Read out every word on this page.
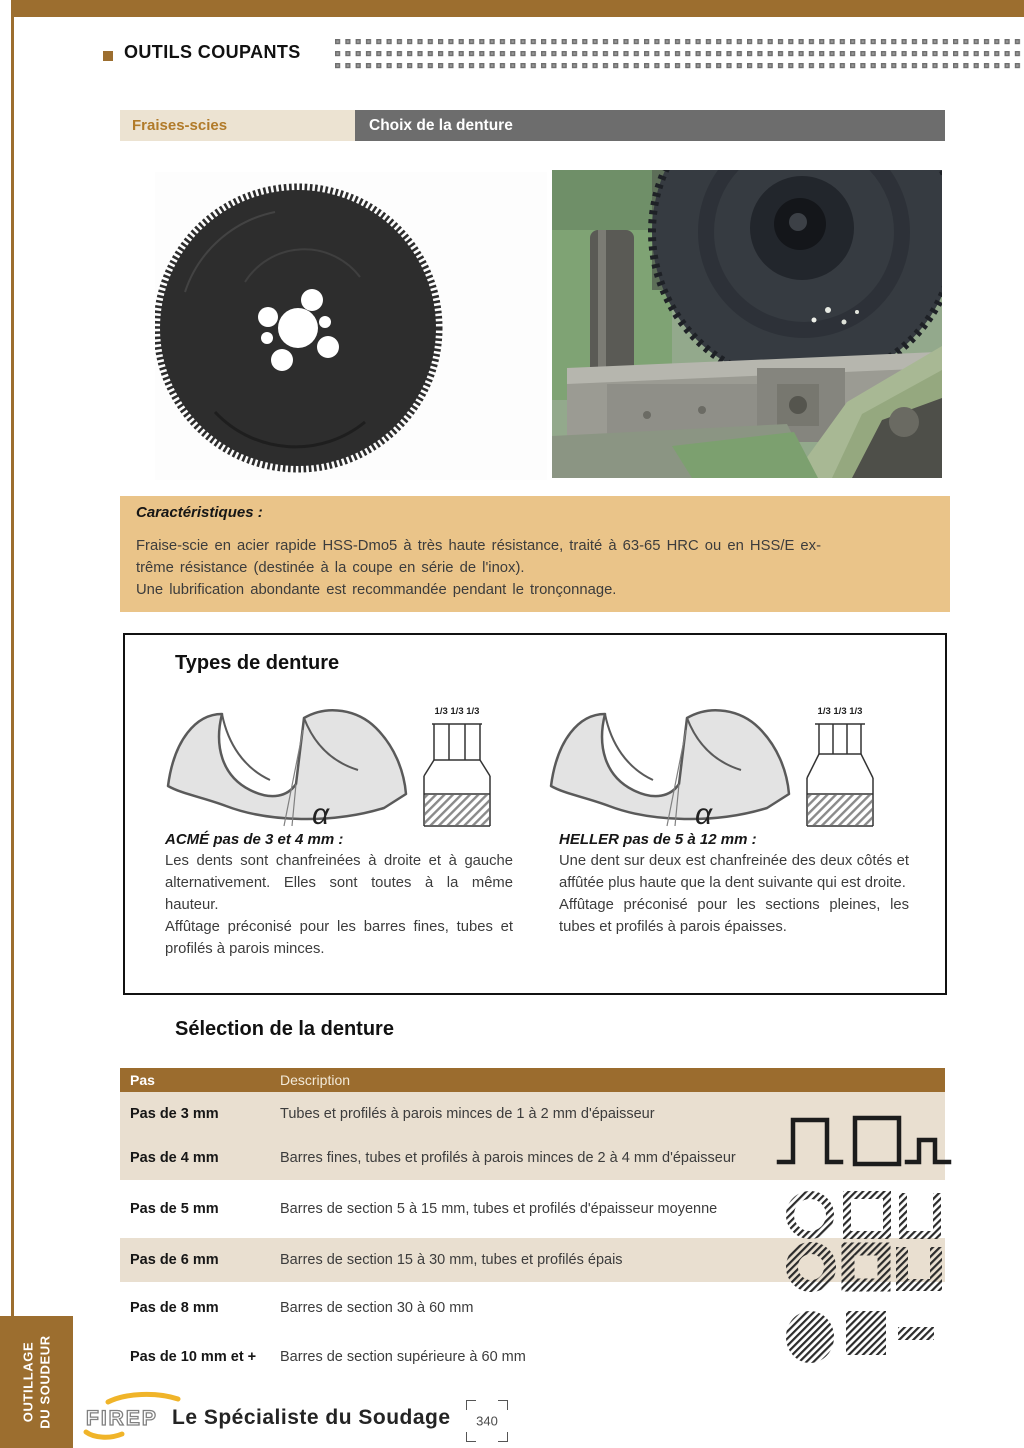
OUTILS COUPANTS
Fraises-scies	Choix de la denture
Caractéristiques :
Fraise-scie en acier rapide HSS-Dmo5 à très haute résistance, traité à 63-65 HRC ou en HSS/E ex-
trême résistance (destinée à la coupe en série de l'inox).
Une lubrification abondante est recommandée pendant le tronçonnage.
Types de denture
α
1/3 1/3 1/3
α
1/3 1/3 1/3
ACMÉ pas de 3 et 4 mm :

Les dents sont chanfreinées à droite et à gauche alternativement. Elles sont toutes à la même hauteur.

Affûtage préconisé pour les barres fines, tubes et profilés à parois minces.

HELLER pas de 5 à 12 mm :

Une dent sur deux est chanfreinée des deux côtés et affûtée plus haute que la dent suivante qui est droite.

Affûtage préconisé pour les sections pleines, les tubes et profilés à parois épaisses.

Sélection de la denture
Pas	Description
Pas de 3 mm	Tubes et profilés à parois minces de 1 à 2 mm d'épaisseur
Pas de 4 mm	Barres fines, tubes et profilés à parois minces de 2 à 4 mm d'épaisseur
Pas de 5 mm	Barres de section 5 à 15 mm, tubes et profilés d'épaisseur moyenne
Pas de 6 mm	Barres de section 15 à 30 mm, tubes et profilés épais
Pas de 8 mm	Barres de section 30 à 60 mm
Pas de 10 mm et +	Barres de section supérieure à 60 mm
FIREP Le Spécialiste du Soudage	340
OUTILLAGE DU SOUDEUR
